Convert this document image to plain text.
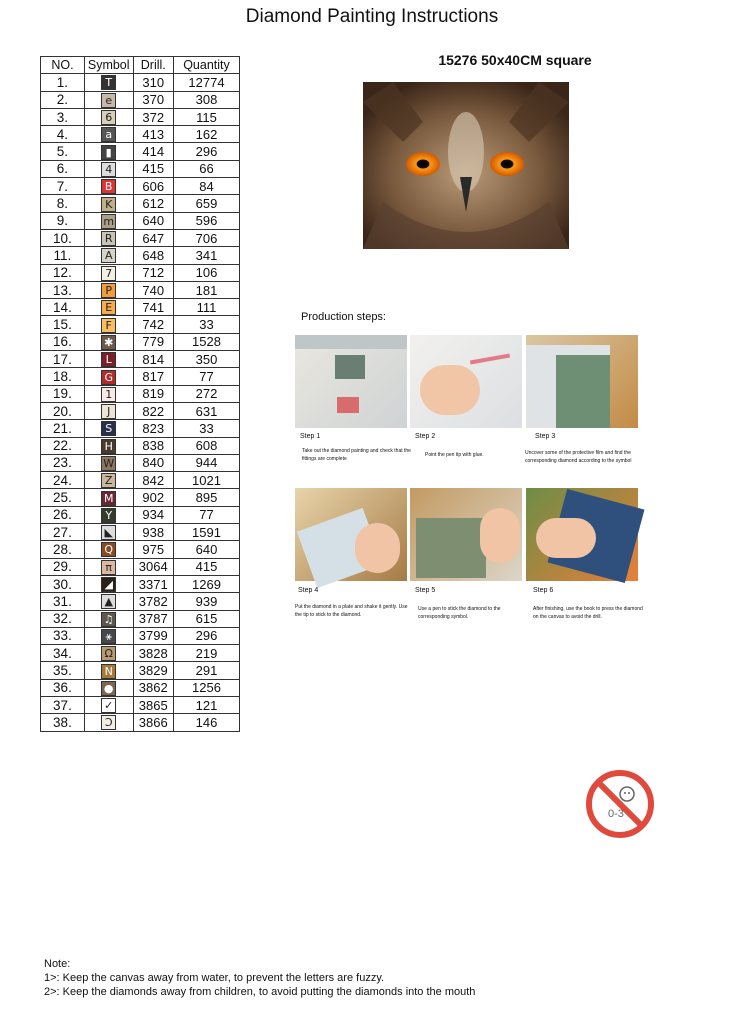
Diamond Painting Instructions
NO.	Symbol	Drill.	Quantity
1.	T	310	12774
2.	e	370	308
3.	6	372	115
4.	a	413	162
5.	▮	414	296
6.	4	415	66
7.	B	606	84
8.	K	612	659
9.	m	640	596
10.	R	647	706
11.	A	648	341
12.	7	712	106
13.	P	740	181
14.	E	741	111
15.	F	742	33
16.	✱	779	1528
17.	L	814	350
18.	G	817	77
19.	1	819	272
20.	J	822	631
21.	S	823	33
22.	H	838	608
23.	W	840	944
24.	Z	842	1021
25.	M	902	895
26.	Y	934	77
27.	◣	938	1591
28.	Q	975	640
29.	π	3064	415
30.	◢	3371	1269
31.	▲	3782	939
32.	♫	3787	615
33.	⚹	3799	296
34.	Ω	3828	219
35.	N	3829	291
36.	●	3862	1256
37.	✓	3865	121
38.	Ɔ	3866	146
15276 50x40CM square
Production steps:
Step 1
Take out the diamond painting and check that the fittings are complete
Step 2
Point the pen tip with glue.
Step 3
Uncover some of the protective film and find the corresponding diamond according to the symbol
Step 4
Put the diamond in a plate and shake it gently. Use the tip to stick to the diamond.
Step 5
Use a pen to stick the diamond to the corresponding symbol.
Step 6
After finishing, use the book to press the diamond on the canvas to avoid the drill.
0-3
Note:
1>: Keep the canvas away from water, to prevent the letters are fuzzy.
2>: Keep the diamonds away from children, to avoid putting the diamonds into the mouth
